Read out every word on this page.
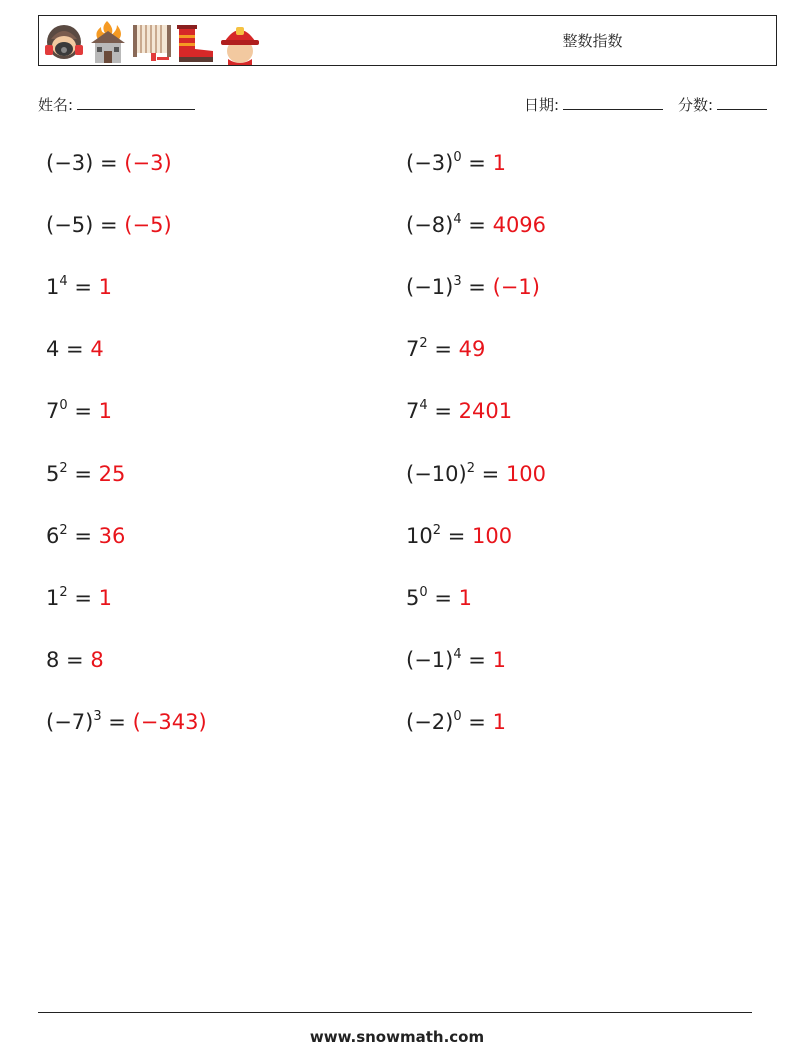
整数指数
姓名:	日期:	分数:
(−3) = (−3)	$(-3)^0 = 1$
(−5) = (−5)	$(-8)^4 = 4096$
$1^4 = 1$	$(-1)^3 = (-1)$
4 = 4	$7^2 = 49$
$7^0 = 1$	$7^4 = 2401$
$5^2 = 25$	$(-10)^2 = 100$
$6^2 = 36$	$10^2 = 100$
$1^2 = 1$	$5^0 = 1$
8 = 8	$(-1)^4 = 1$
$(-7)^3 = (-343)$	$(-2)^0 = 1$
www.snowmath.com
